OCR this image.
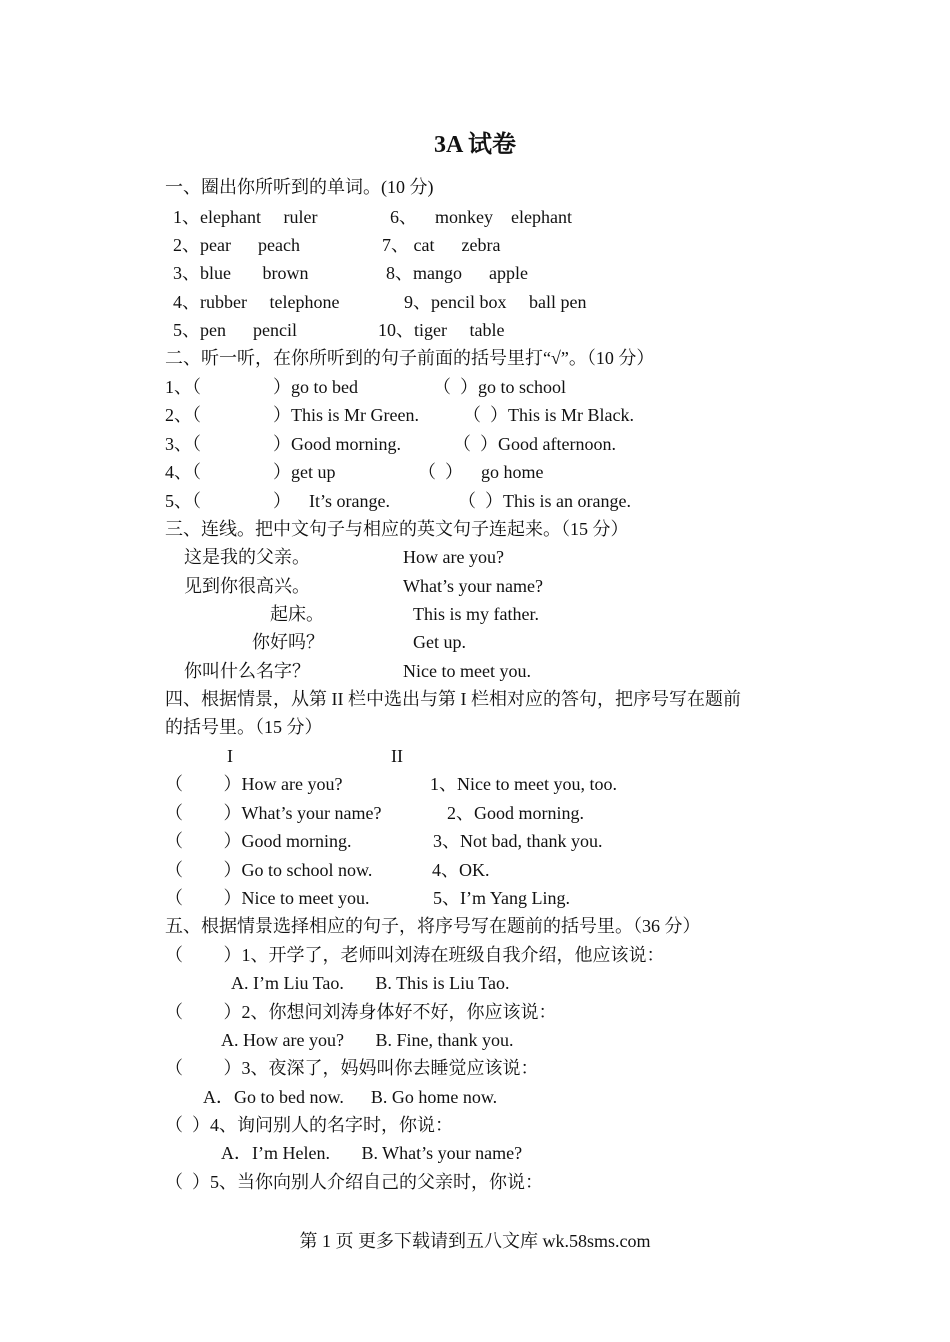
3A 试卷
一、圈出你所听到的单词。(10 分)
1、elephant     ruler	6、    monkey    elephant
2、pear      peach	7、 cat      zebra
3、blue       brown	8、mango      apple
4、rubber     telephone	9、pencil box     ball pen
5、pen      pencil	10、tiger     table
二、听一听，在你所听到的句子前面的括号里打“√”。（10 分）
1、（                ）go to bed	（  ）go to school
2、（                ）This is Mr Green. （  ）This is Mr Black.
3、（                ）Good morning.	（  ）Good afternoon.
4、（                ）get up	（  ）    go home
5、（                ）    It’s orange.	（  ）This is an orange.
三、连线。把中文句子与相应的英文句子连起来。（15 分）
这是我的父亲。	How are you?
见到你很高兴。	What’s your name?
起床。	This is my father.
你好吗？	Get up.
你叫什么名字？	Nice to meet you.
四、根据情景，从第 II 栏中选出与第 I 栏相对应的答句，把序号写在题前
的括号里。（15 分）
I	II
（         ）How are you?	1、Nice to meet you, too.
（         ）What’s your name?	2、Good morning.
（         ）Good morning.	3、Not bad, thank you.
（         ）Go to school now.	4、OK.
（         ）Nice to meet you.	5、I’m Yang Ling.
五、根据情景选择相应的句子，将序号写在题前的括号里。（36 分）
（         ）1、开学了，老师叫刘涛在班级自我介绍，他应该说：
A. I’m Liu Tao.       B. This is Liu Tao.
（         ）2、你想问刘涛身体好不好，你应该说：
A. How are you?       B. Fine, thank you.
（         ）3、夜深了，妈妈叫你去睡觉应该说：
A．Go to bed now.      B. Go home now.
（  ）4、询问别人的名字时，你说：
A．I’m Helen.       B. What’s your name?
（  ）5、当你向别人介绍自己的父亲时，你说：
第 1 页 更多下载请到五八文库 wk.58sms.com
